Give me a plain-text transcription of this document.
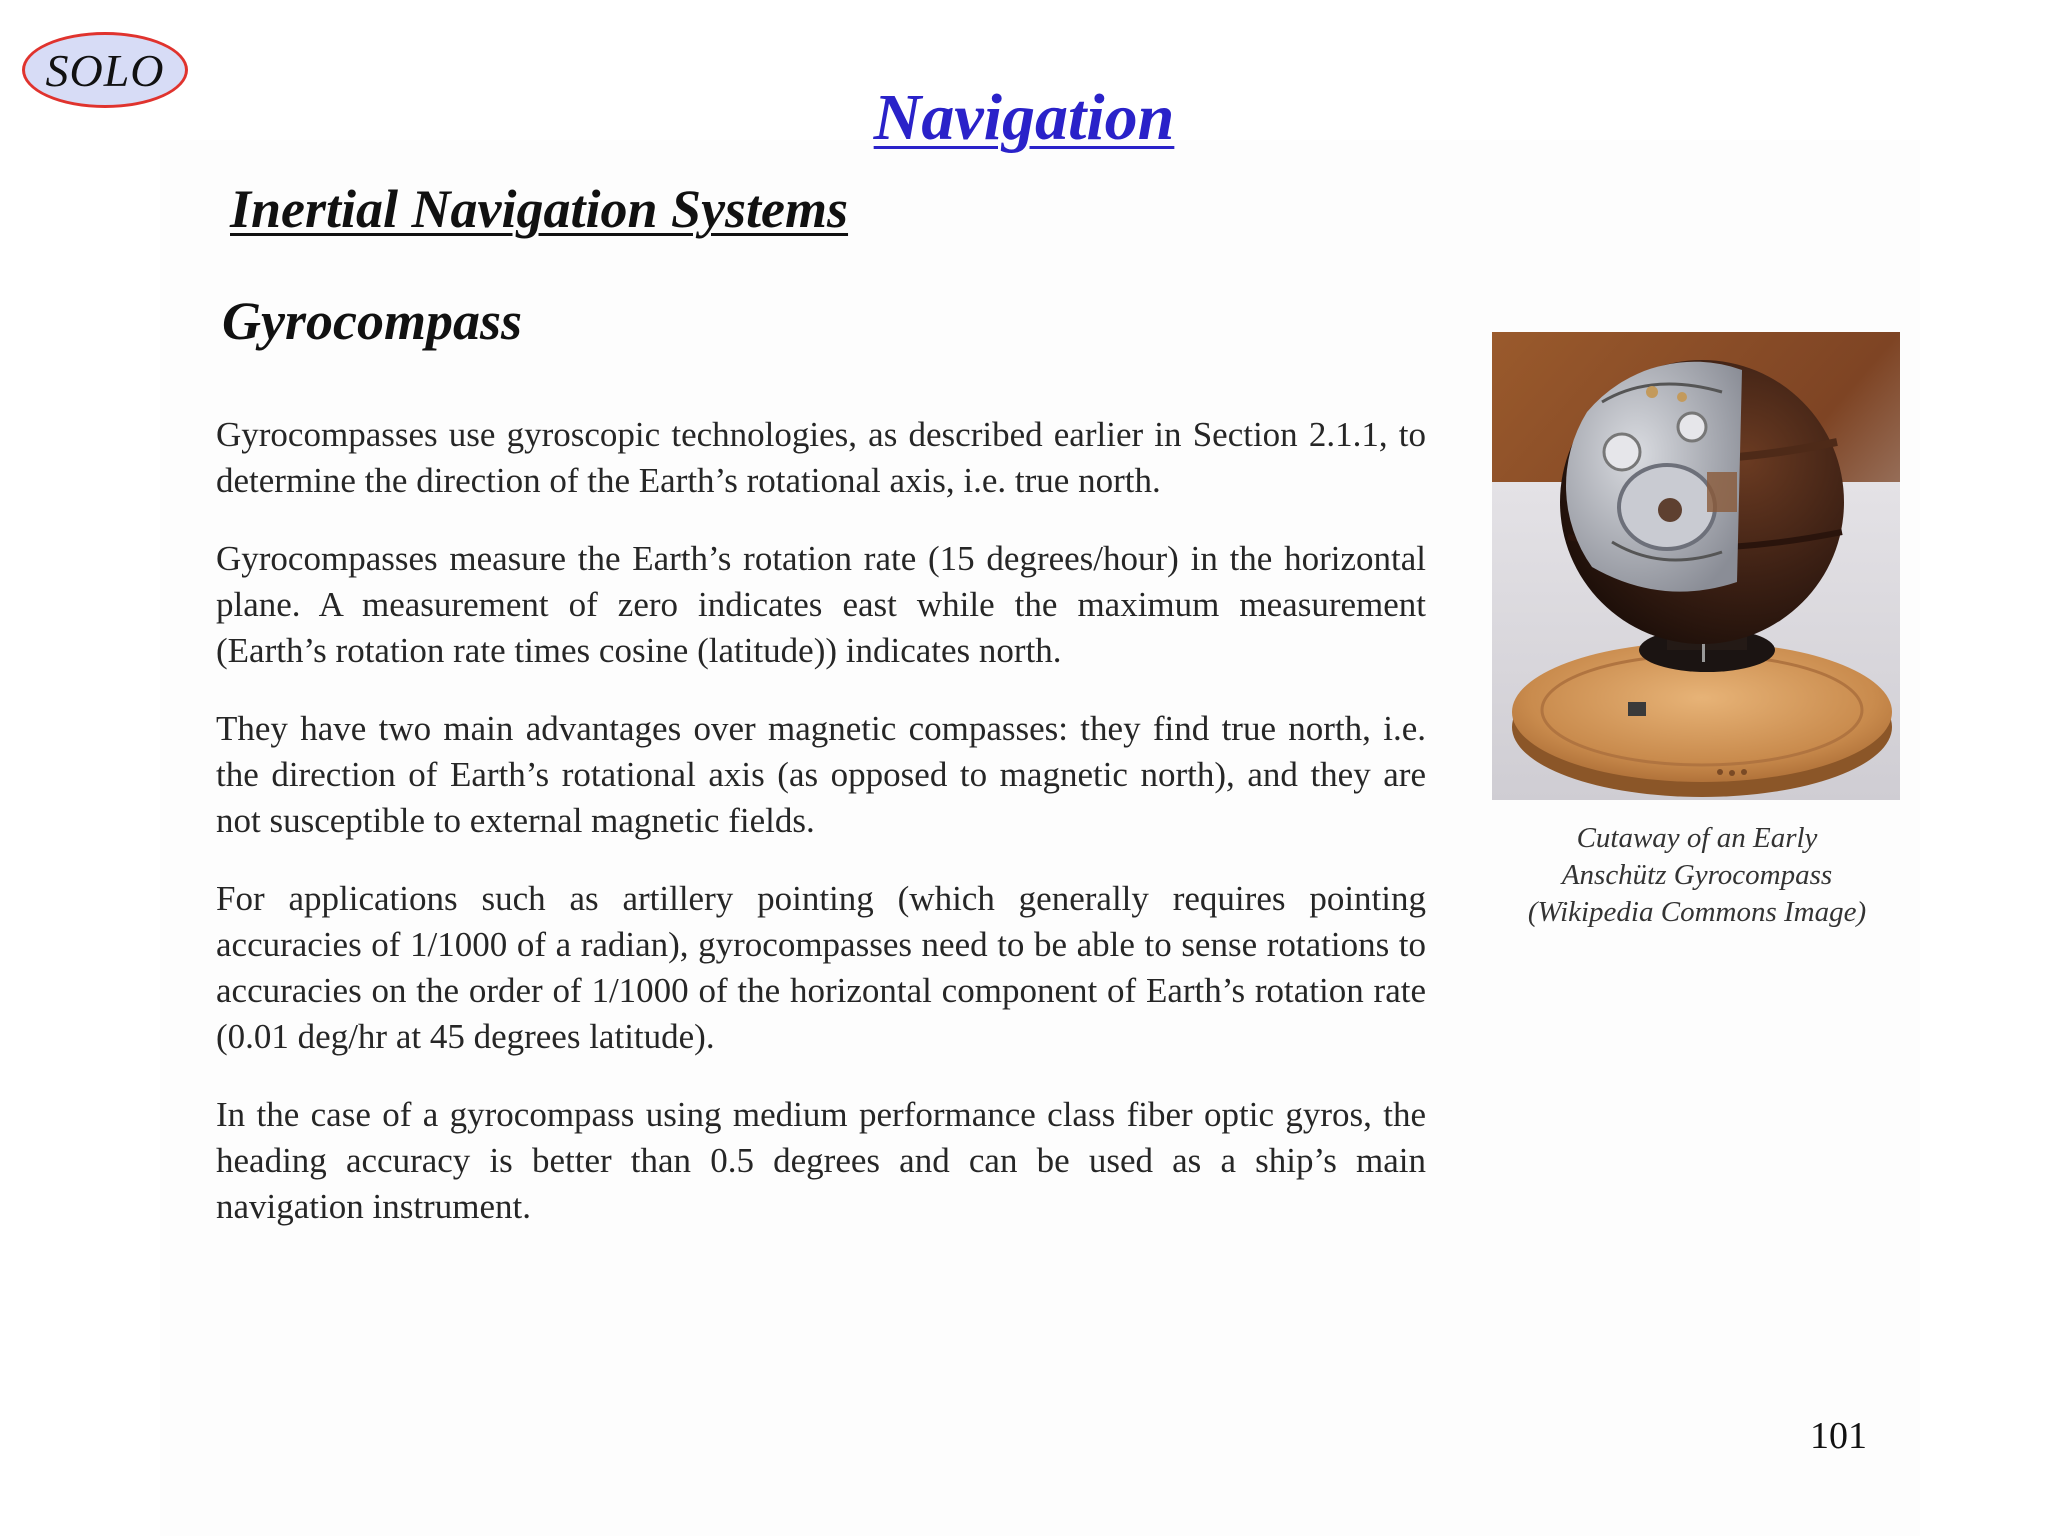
SOLO
Navigation
Inertial Navigation Systems
Gyrocompass

Gyrocompasses use gyroscopic technologies, as described earlier in Section 2.1.1, to determine the direction of the Earth’s rotational axis, i.e. true north.

Gyrocompasses measure the Earth’s rotation rate (15 degrees/hour) in the horizontal plane. A measurement of zero indicates east while the maximum measurement (Earth’s rotation rate times cosine (latitude)) indicates north.

They have two main advantages over magnetic compasses: they find true north, i.e. the direction of Earth’s rotational axis (as opposed to magnetic north), and they are not susceptible to external magnetic fields.

For applications such as artillery pointing (which generally requires pointing accuracies of 1/1000 of a radian), gyrocompasses need to be able to sense rotations to accuracies on the order of 1/1000 of the horizontal component of Earth’s rotation rate (0.01 deg/hr at 45 degrees latitude).

In the case of a gyrocompass using medium performance class fiber optic gyros, the heading accuracy is better than 0.5 degrees and can be used as a ship’s main navigation instrument.

Cutaway of an Early
Anschütz Gyrocompass
(Wikipedia Commons Image)
101
